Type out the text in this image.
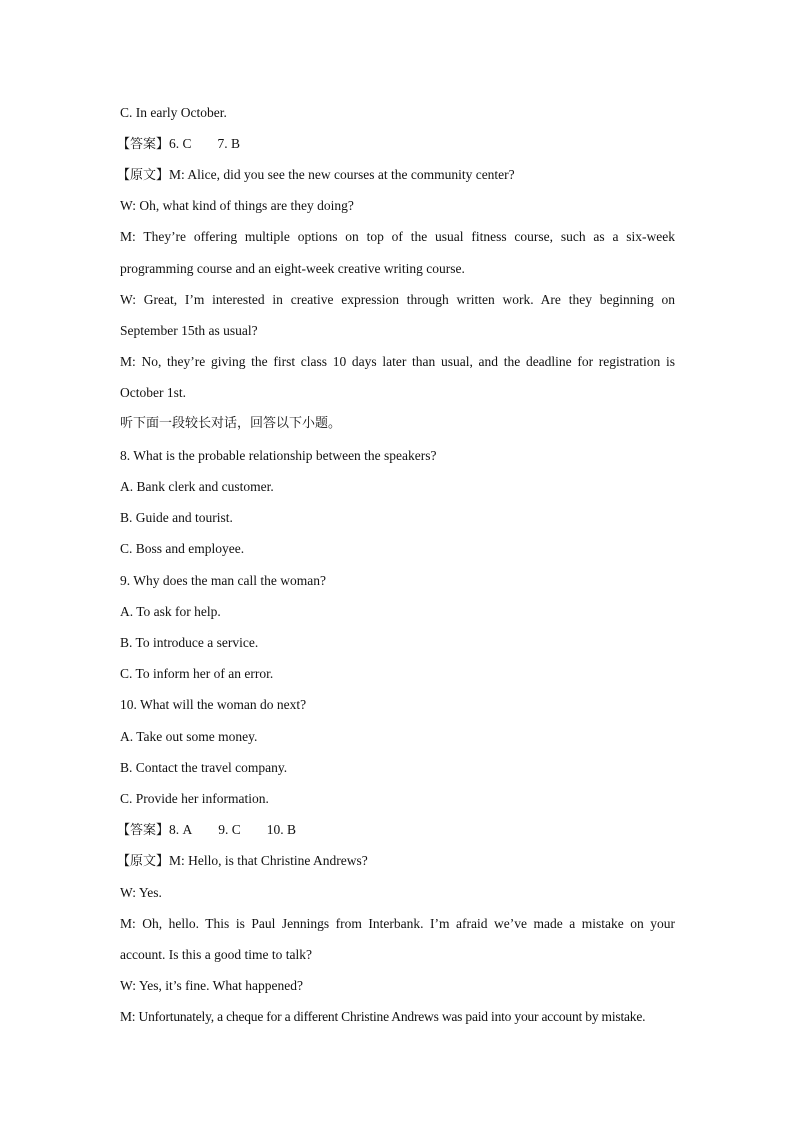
C. In early October.
【答案】6. C 7. B
【原文】M: Alice, did you see the new courses at the community center?
W: Oh, what kind of things are they doing?
M: They’re offering multiple options on top of the usual fitness course, such as a six-week
programming course and an eight-week creative writing course.
W: Great, I’m interested in creative expression through written work. Are they beginning on
September 15th as usual?
M: No, they’re giving the first class 10 days later than usual, and the deadline for registration is
October 1st.
听下面一段较长对话，回答以下小题。
8. What is the probable relationship between the speakers?
A. Bank clerk and customer.
B. Guide and tourist.
C. Boss and employee.
9. Why does the man call the woman?
A. To ask for help.
B. To introduce a service.
C. To inform her of an error.
10. What will the woman do next?
A. Take out some money.
B. Contact the travel company.
C. Provide her information.
【答案】8. A 9. C 10. B
【原文】M: Hello, is that Christine Andrews?
W: Yes.
M: Oh, hello. This is Paul Jennings from Interbank. I’m afraid we’ve made a mistake on your
account. Is this a good time to talk?
W: Yes, it’s fine. What happened?
M: Unfortunately, a cheque for a different Christine Andrews was paid into your account by mistake.
